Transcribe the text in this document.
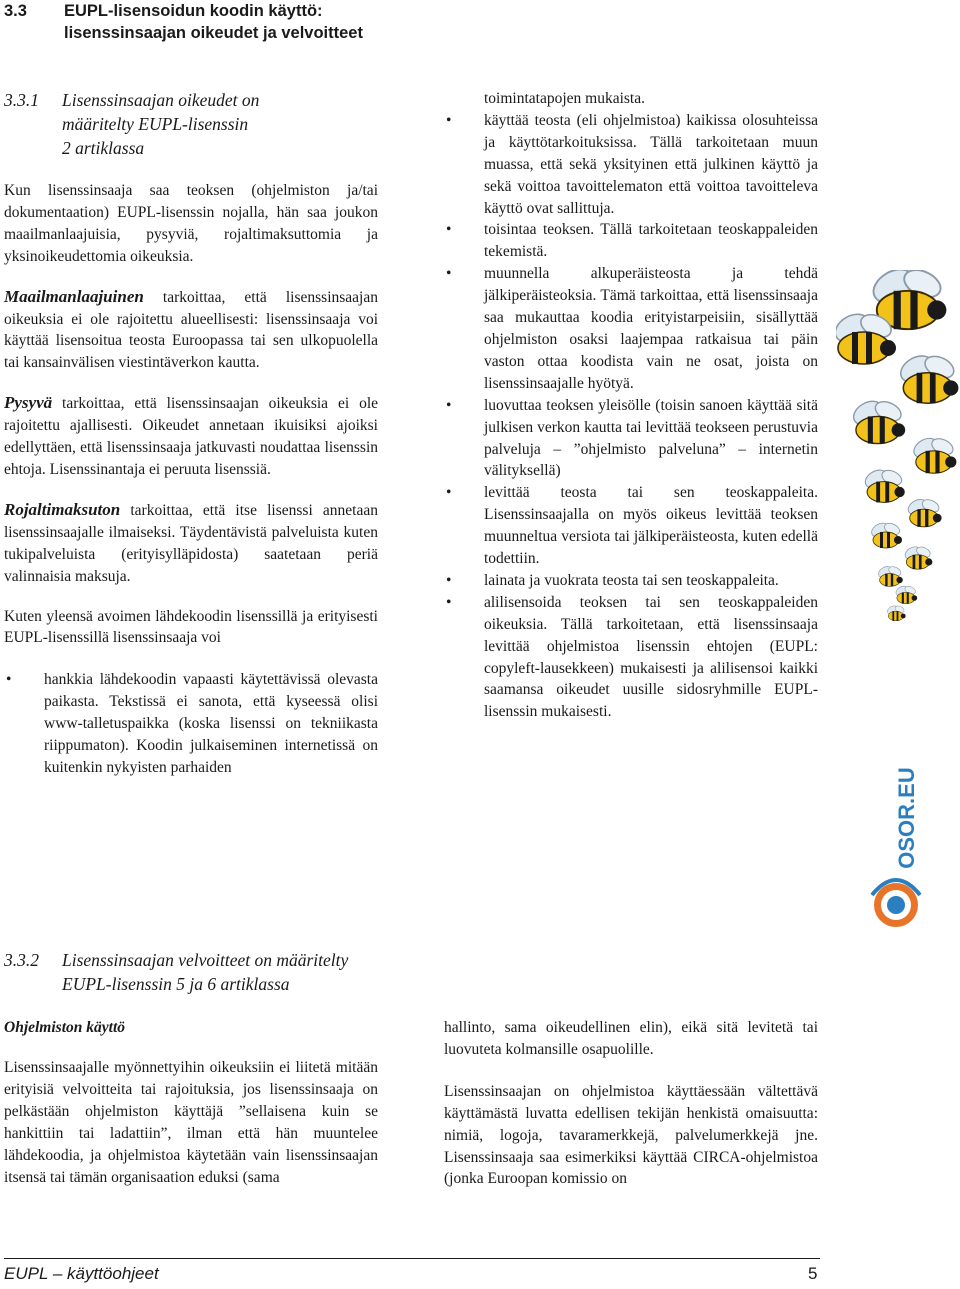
3.3 EUPL-lisensoidun koodin käyttö:
lisenssinsaajan oikeudet ja velvoitteet
3.3.1 Lisenssinsaajan oikeudet on
määritelty EUPL-lisenssin
2 artiklassa

Kun lisenssinsaaja saa teoksen (ohjelmiston ja/tai dokumentaation) EUPL-lisenssin nojalla, hän saa joukon maailmanlaajuisia, pysyviä, rojaltimaksuttomia ja yksinoikeudettomia oikeuksia.

Maailmanlaajuinen tarkoittaa, että lisenssinsaajan oikeuksia ei ole rajoitettu alueellisesti: lisenssinsaaja voi käyttää lisensoitua teosta Euroopassa tai sen ulkopuolella tai kansainvälisen viestintäverkon kautta.

Pysyvä tarkoittaa, että lisenssinsaajan oikeuksia ei ole rajoitettu ajallisesti. Oikeudet annetaan ikuisiksi ajoiksi edellyttäen, että lisenssinsaaja jatkuvasti noudattaa lisenssin ehtoja. Lisenssinantaja ei peruuta lisenssiä.

Rojaltimaksuton tarkoittaa, että itse lisenssi annetaan lisenssinsaajalle ilmaiseksi. Täydentävistä palveluista kuten tukipalveluista (erityisylläpidosta) saatetaan periä valinnaisia maksuja.

Kuten yleensä avoimen lähdekoodin lisenssillä ja erityisesti EUPL-lisenssillä lisenssinsaaja voi

• hankkia lähdekoodin vapaasti käytettävissä olevasta paikasta. Tekstissä ei sanota, että kyseessä olisi www-talletuspaikka (koska lisenssi on tekniikasta riippumaton). Koodin julkaiseminen internetissä on kuitenkin nykyisten parhaiden

toimintatapojen mukaista.

• käyttää teosta (eli ohjelmistoa) kaikissa olosuhteissa ja käyttötarkoituksissa. Tällä tarkoitetaan muun muassa, että sekä yksityinen että julkinen käyttö ja sekä voittoa tavoittelematon että voittoa tavoitteleva käyttö ovat sallittuja.
• toisintaa teoksen. Tällä tarkoitetaan teoskappaleiden tekemistä.
• muunnella alkuperäisteosta ja tehdä jälkiperäisteoksia. Tämä tarkoittaa, että lisenssinsaaja saa mukauttaa koodia erityistarpeisiin, sisällyttää ohjelmiston osaksi laajempaa ratkaisua tai päin vaston ottaa koodista vain ne osat, joista on lisenssinsaajalle hyötyä.
• luovuttaa teoksen yleisölle (toisin sanoen käyttää sitä julkisen verkon kautta tai levittää teokseen perustuvia palveluja – ”ohjelmisto palveluna” – internetin välityksellä)
• levittää teosta tai sen teoskappaleita. Lisenssinsaajalla on myös oikeus levittää teoksen muunneltua versiota tai jälkiperäisteosta, kuten edellä todettiin.
• lainata ja vuokrata teosta tai sen teoskappaleita.
• alilisensoida teoksen tai sen teoskappaleiden oikeuksia. Tällä tarkoitetaan, että lisenssinsaaja levittää ohjelmistoa lisenssin ehtojen (EUPL: copyleft-lausekkeen) mukaisesti ja alilisensoi kaikki saamansa oikeudet uusille sidosryhmille EUPL-lisenssin mukaisesti.
OSOR.EU
3.3.2 Lisenssinsaajan velvoitteet on määritelty
EUPL-lisenssin 5 ja 6 artiklassa
Ohjelmiston käyttö

Lisenssinsaajalle myönnettyihin oikeuksiin ei liitetä mitään erityisiä velvoitteita tai rajoituksia, jos lisenssinsaaja on pelkästään ohjelmiston käyttäjä ”sellaisena kuin se hankittiin tai ladattiin”, ilman että hän muuntelee lähdekoodia, ja ohjelmistoa käytetään vain lisenssinsaajan itsensä tai tämän organisaation eduksi (sama

hallinto, sama oikeudellinen elin), eikä sitä levitetä tai luovuteta kolmansille osapuolille.

Lisenssinsaajan on ohjelmistoa käyttäessään vältettävä käyttämästä luvatta edellisen tekijän henkistä omaisuutta: nimiä, logoja, tavaramerkkejä, palvelumerkkejä jne. Lisenssinsaaja saa esimerkiksi käyttää CIRCA-ohjelmistoa (jonka Euroopan komissio on

EUPL – käyttöohjeet	5
